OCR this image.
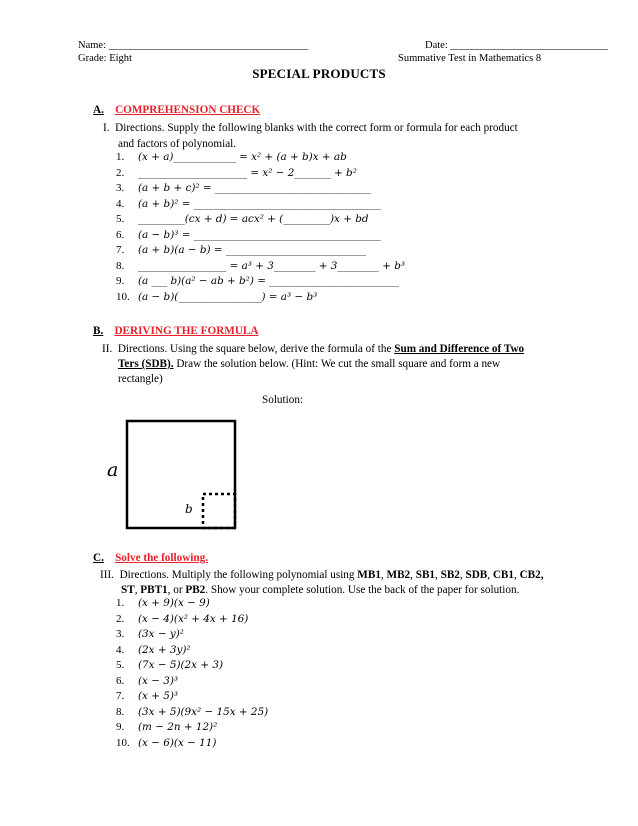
Name: ______________________________________	Date: ______________________________
Grade: Eight	Summative Test in Mathematics 8
SPECIAL PRODUCTS
A. COMPREHENSION CHECK
I. Directions. Supply the following blanks with the correct form or formula for each product
and factors of polynomial.
1. (x + a)____________ = x² + (a + b)x + ab
2. _____________________ = x² − 2_______ + b²
3. (a + b + c)² = ______________________________
4. (a + b)² = ____________________________________
5. _________(cx + d) = acx² + (_________)x + bd
6. (a − b)³ = ____________________________________
7. (a + b)(a − b) = ___________________________
8. _________________ = a³ + 3________ + 3________ + b³
9. (a ___ b)(a² − ab + b²) = _________________________
10. (a − b)(________________) = a³ − b³
B. DERIVING THE FORMULA
II. Directions. Using the square below, derive the formula of the Sum and Difference of Two
Ters (SDB). Draw the solution below. (Hint: We cut the small square and form a new
rectangle)
Solution:
a
b
C. Solve the following.
III. Directions. Multiply the following polynomial using MB1, MB2, SB1, SB2, SDB, CB1, CB2,
ST, PBT1, or PB2. Show your complete solution. Use the back of the paper for solution.
1. (x + 9)(x − 9)
2. (x − 4)(x² + 4x + 16)
3. (3x − y)²
4. (2x + 3y)²
5. (7x − 5)(2x + 3)
6. (x − 3)³
7. (x + 5)³
8. (3x + 5)(9x² − 15x + 25)
9. (m − 2n + 12)²
10. (x − 6)(x − 11)
